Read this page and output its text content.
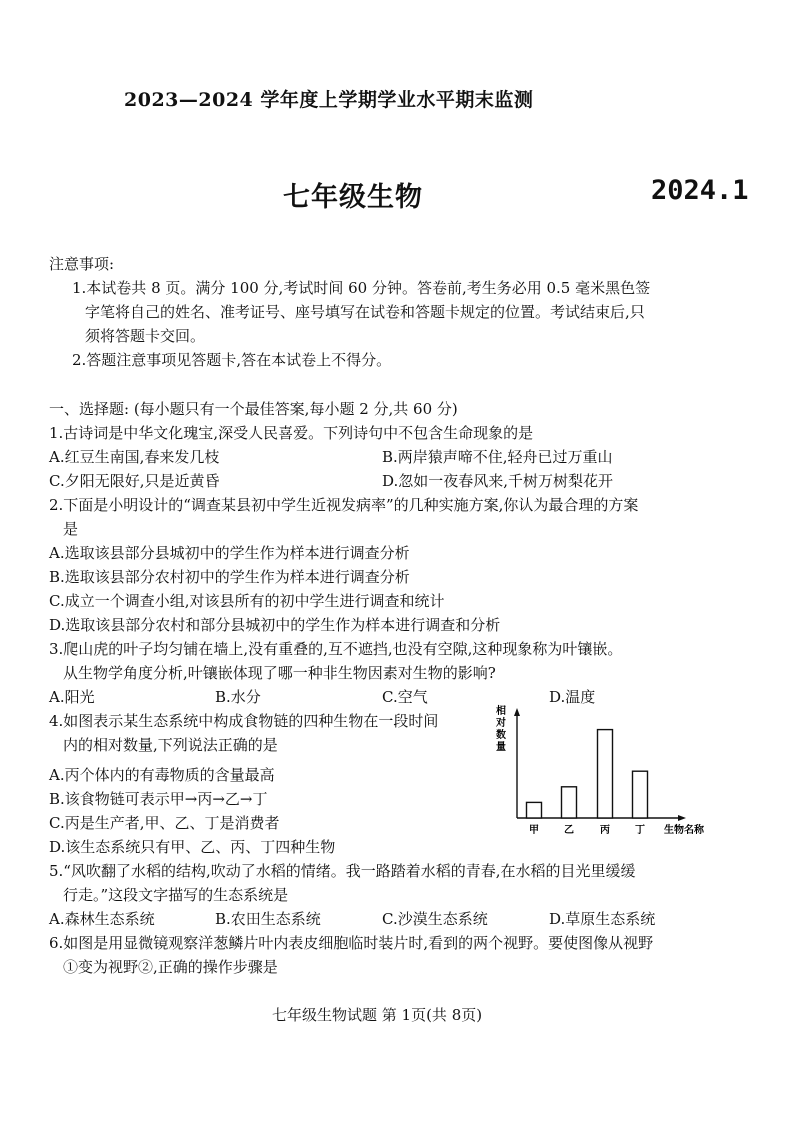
2023—2024 学年度上学期学业水平期末监测
七年级生物	2024.1
注意事项:
1.本试卷共 8 页。满分 100 分,考试时间 60 分钟。答卷前,考生务必用 0.5 毫米黑色签
字笔将自己的姓名、准考证号、座号填写在试卷和答题卡规定的位置。考试结束后,只
须将答题卡交回。
2.答题注意事项见答题卡,答在本试卷上不得分。
一、选择题: (每小题只有一个最佳答案,每小题 2 分,共 60 分)
1.古诗词是中华文化瑰宝,深受人民喜爱。下列诗句中不包含生命现象的是
A.红豆生南国,春来发几枝	B.两岸猿声啼不住,轻舟已过万重山
C.夕阳无限好,只是近黄昏	D.忽如一夜春风来,千树万树梨花开
2.下面是小明设计的“调查某县初中学生近视发病率”的几种实施方案,你认为最合理的方案
是
A.选取该县部分县城初中的学生作为样本进行调查分析
B.选取该县部分农村初中的学生作为样本进行调查分析
C.成立一个调查小组,对该县所有的初中学生进行调查和统计
D.选取该县部分农村和部分县城初中的学生作为样本进行调查和分析
3.爬山虎的叶子均匀铺在墙上,没有重叠的,互不遮挡,也没有空隙,这种现象称为叶镶嵌。
从生物学角度分析,叶镶嵌体现了哪一种非生物因素对生物的影响?
A.阳光	B.水分	C.空气	D.温度
4.如图表示某生态系统中构成食物链的四种生物在一段时间
内的相对数量,下列说法正确的是
A.丙个体内的有毒物质的含量最高
B.该食物链可表示甲→丙→乙→丁
C.丙是生产者,甲、乙、丁是消费者
D.该生态系统只有甲、乙、丙、丁四种生物
相对数量
甲	乙	丙	丁 生物名称
5.“风吹翻了水稻的结构,吹动了水稻的情绪。我一路踏着水稻的青春,在水稻的目光里缓缓
行走。”这段文字描写的生态系统是
A.森林生态系统	B.农田生态系统	C.沙漠生态系统	D.草原生态系统
6.如图是用显微镜观察洋葱鳞片叶内表皮细胞临时装片时,看到的两个视野。要使图像从视野
①变为视野②,正确的操作步骤是
七年级生物试题 第 1页(共 8页)
